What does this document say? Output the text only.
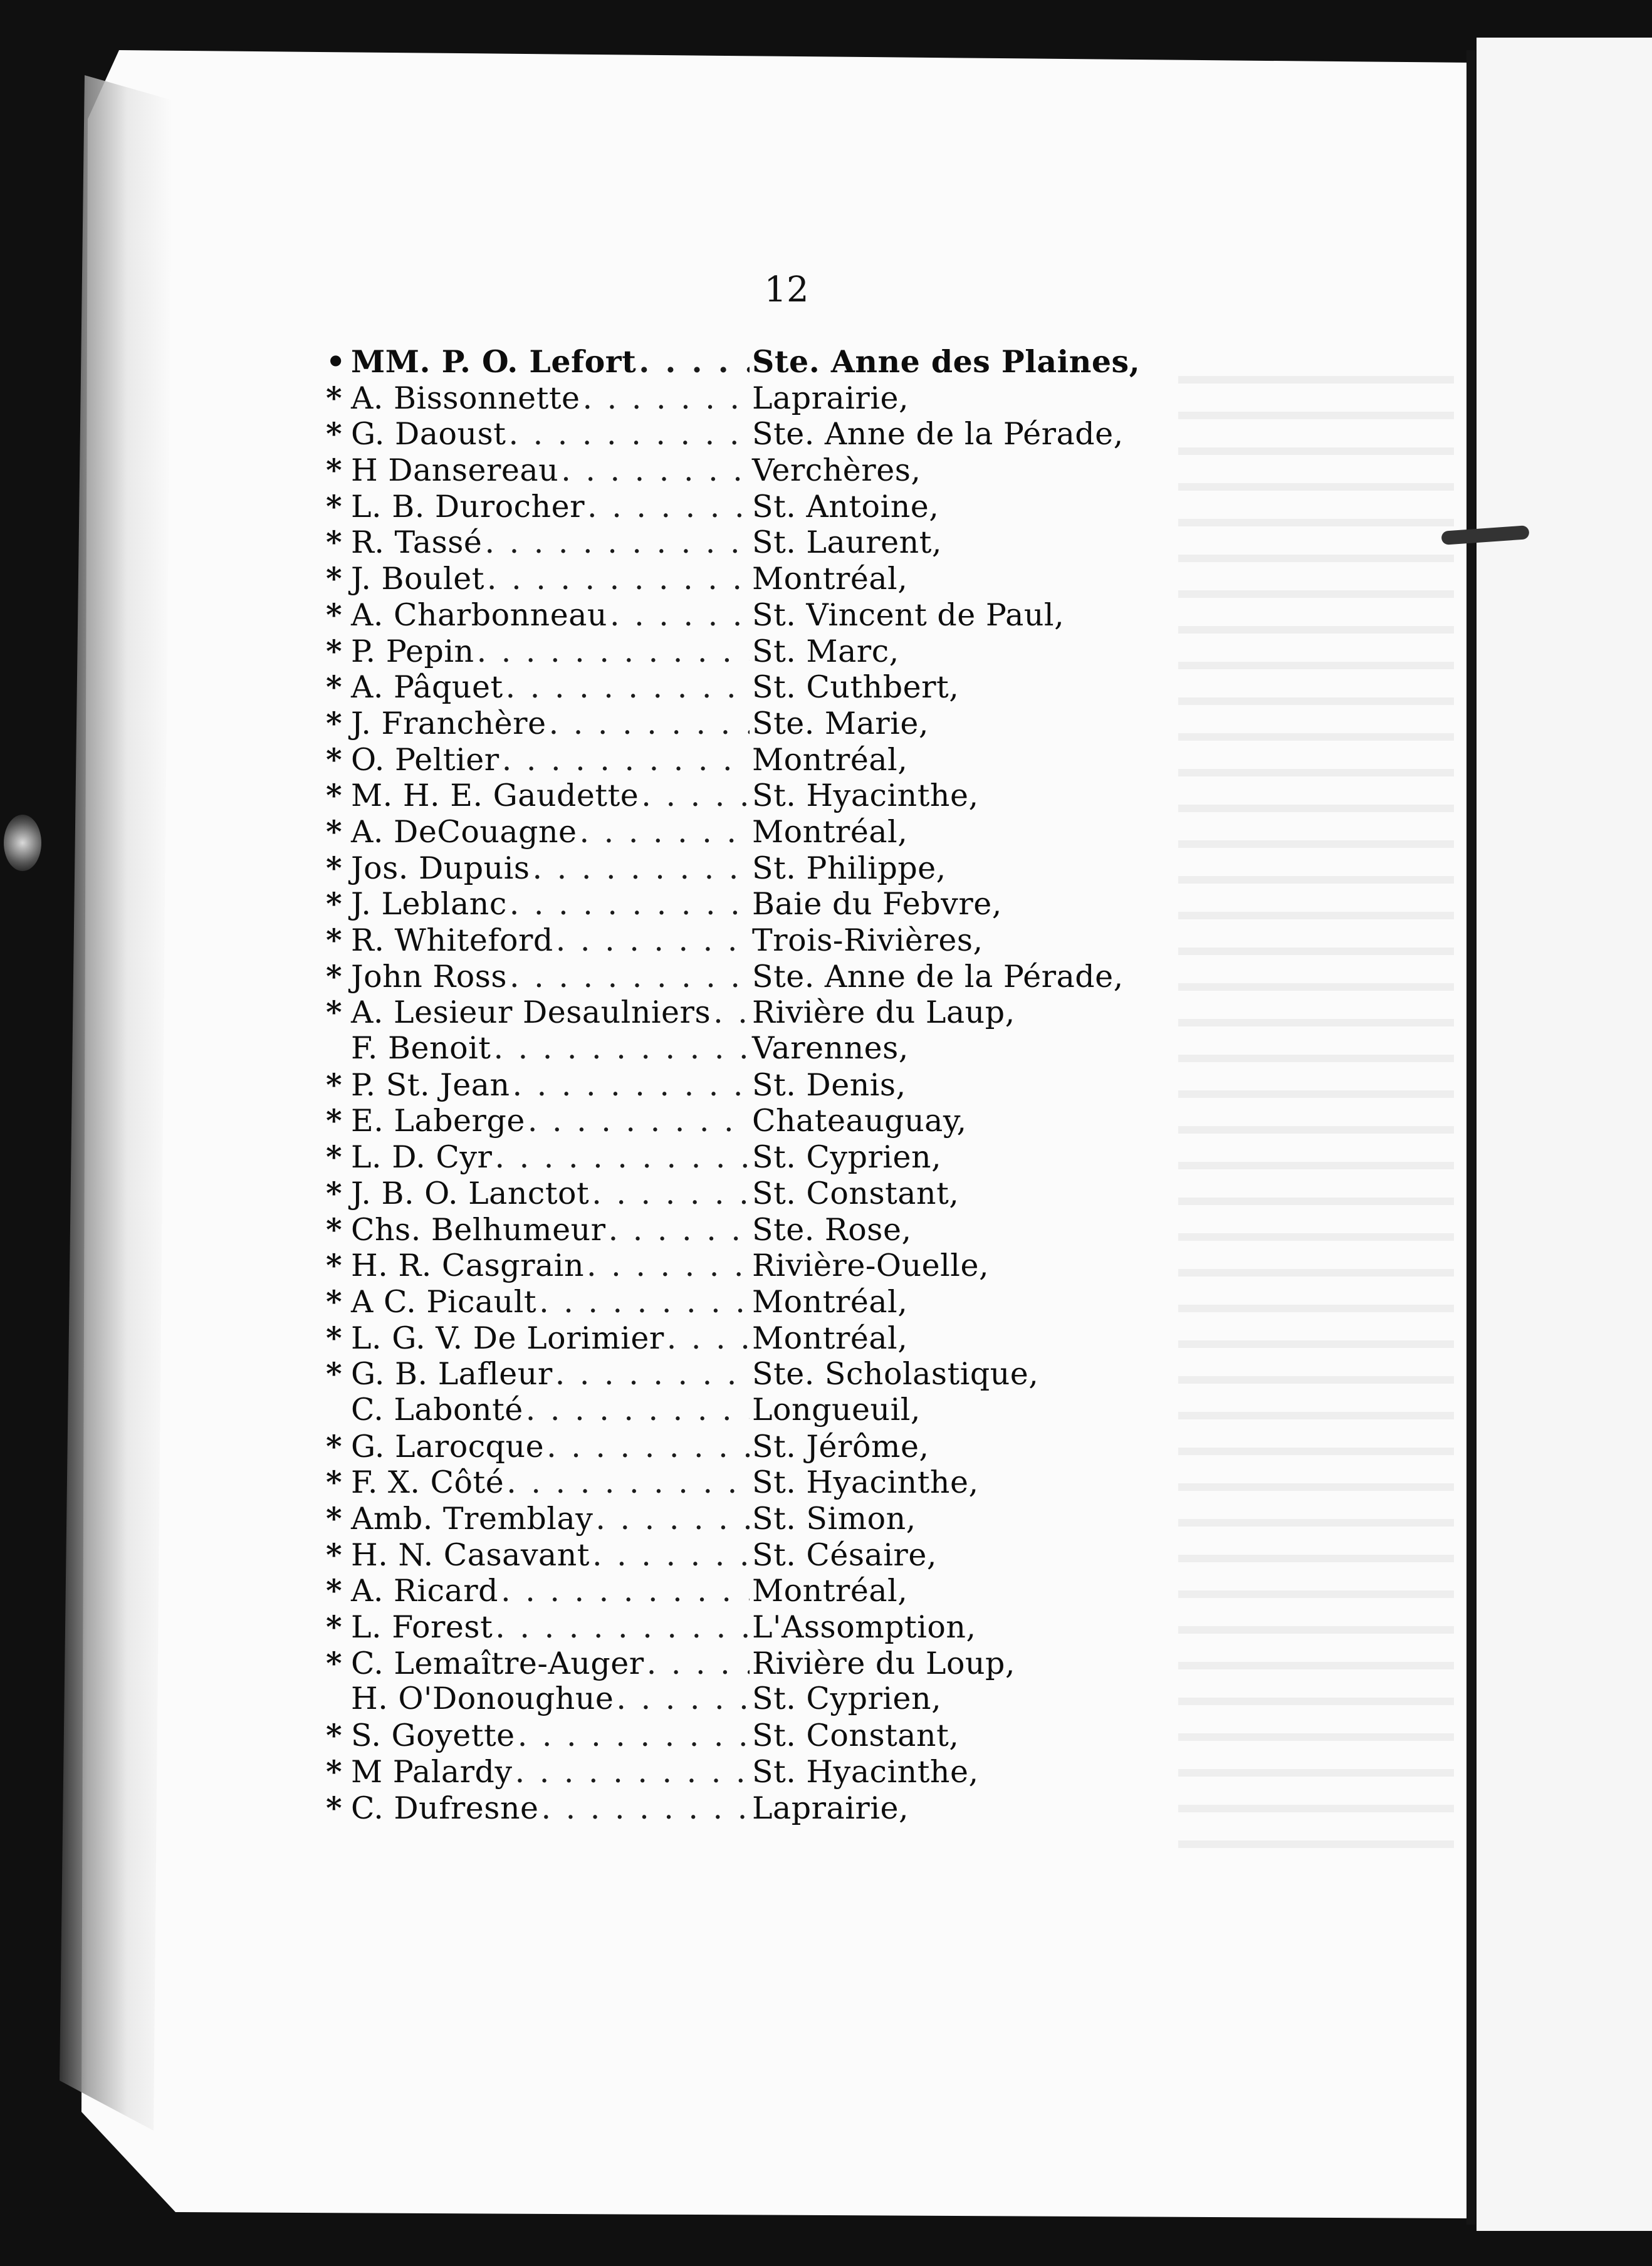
12
• MM. P. O. Lefort . . .	Ste. Anne des Plaines,
* A. Bissonnette . . .	Laprairie,
* G. Daoust . . .	Ste. Anne de la Pérade,
* H Dansereau . . .	Verchères,
* L. B. Durocher . . .	St. Antoine,
* R. Tassé . . .	St. Laurent,
* J. Boulet . . .	Montréal,
* A. Charbonneau . . .	St. Vincent de Paul,
* P. Pepin . . .	St. Marc,
* A. Pâquet . . .	St. Cuthbert,
* J. Franchère . . .	Ste. Marie,
* O. Peltier . . .	Montréal,
* M. H. E. Gaudette . . .	St. Hyacinthe,
* A. DeCouagne . . .	Montréal,
* Jos. Dupuis . . .	St. Philippe,
* J. Leblanc . . .	Baie du Febvre,
* R. Whiteford . . .	Trois-Rivières,
* John Ross . . .	Ste. Anne de la Pérade,
* A. Lesieur Desaulniers . . . Rivière du Laup,
F. Benoit . . .	Varennes,
* P. St. Jean . . .	St. Denis,
* E. Laberge . . .	Chateauguay,
* L. D. Cyr . . .	St. Cyprien,
* J. B. O. Lanctot . . .	St. Constant,
* Chs. Belhumeur . . .	Ste. Rose,
* H. R. Casgrain . . .	Rivière-Ouelle,
* A C. Picault . . .	Montréal,
* L. G. V. De Lorimier . . .	Montréal,
* G. B. Lafleur . . .	Ste. Scholastique,
C. Labonté . . .	Longueuil,
* G. Larocque . . .	St. Jérôme,
* F. X. Côté . . .	St. Hyacinthe,
* Amb. Tremblay . . .	St. Simon,
* H. N. Casavant . . .	St. Césaire,
* A. Ricard . . .	Montréal,
* L. Forest . . .	L'Assomption,
* C. Lemaître-Auger . . .	Rivière du Loup,
H. O'Donoughue . . .	St. Cyprien,
* S. Goyette . . .	St. Constant,
* M Palardy . . .	St. Hyacinthe,
* C. Dufresne . . .	Laprairie,
